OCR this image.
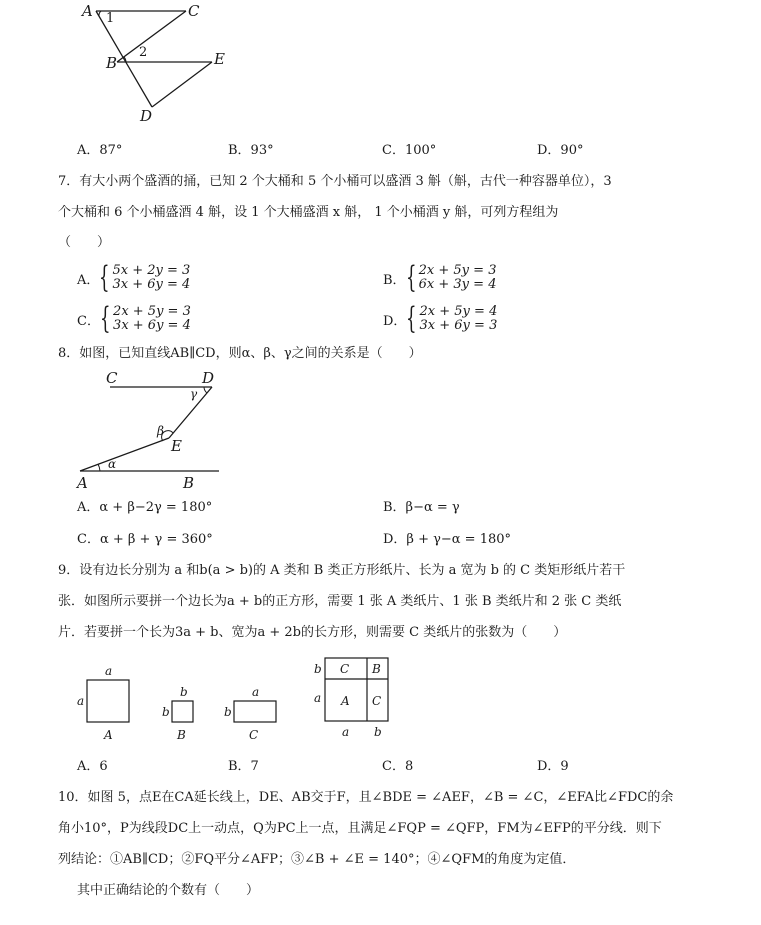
A	C
B	E
D
1
2
A．87°	B．93°	C．100°	D．90°
7．有大小两个盛酒的捅，已知 2 个大桶和 5 个小桶可以盛酒 3 斛（斛，古代一种容器单位），3
个大桶和 6 个小桶盛酒 4 斛，设 1 个大桶盛酒 x 斛， 1 个小桶酒 y 斛，可列方程组为
（　　）
A． { 5x + 2y = 3
3x + 6y = 4	B． { 2x + 5y = 3
6x + 3y = 4
C． { 2x + 5y = 3
3x + 6y = 4	D． { 2x + 5y = 4
3x + 6y = 3
8．如图，已知直线AB∥CD，则α、β、γ之间的关系是（　　）
C	D
γ
β
E
α
A	B
A．α + β−2γ = 180°	B．β−α = γ
C．α + β + γ = 360°	D．β + γ−α = 180°
9．设有边长分别为 a 和b(a > b)的 A 类和 B 类正方形纸片、长为 a 宽为 b 的 C 类矩形纸片若干
张．如图所示要拼一个边长为a + b的正方形，需要 1 张 A 类纸片、1 张 B 类纸片和 2 张 C 类纸
片．若要拼一个长为3a + b、宽为a + 2b的长方形，则需要 C 类纸片的张数为（　　）
a
a
A
b
b
B
a
b
C
C B
A C
b
a
a b
A．6	B．7	C．8	D．9
10．如图 5，点E在CA延长线上，DE、AB交于F，且∠BDE = ∠AEF，∠B = ∠C，∠EFA比∠FDC的余
角小10°，P为线段DC上一动点，Q为PC上一点，且满足∠FQP = ∠QFP，FM为∠EFP的平分线．则下
列结论：①AB∥CD；②FQ平分∠AFP；③∠B + ∠E = 140°；④∠QFM的角度为定值．
其中正确结论的个数有（　　）
